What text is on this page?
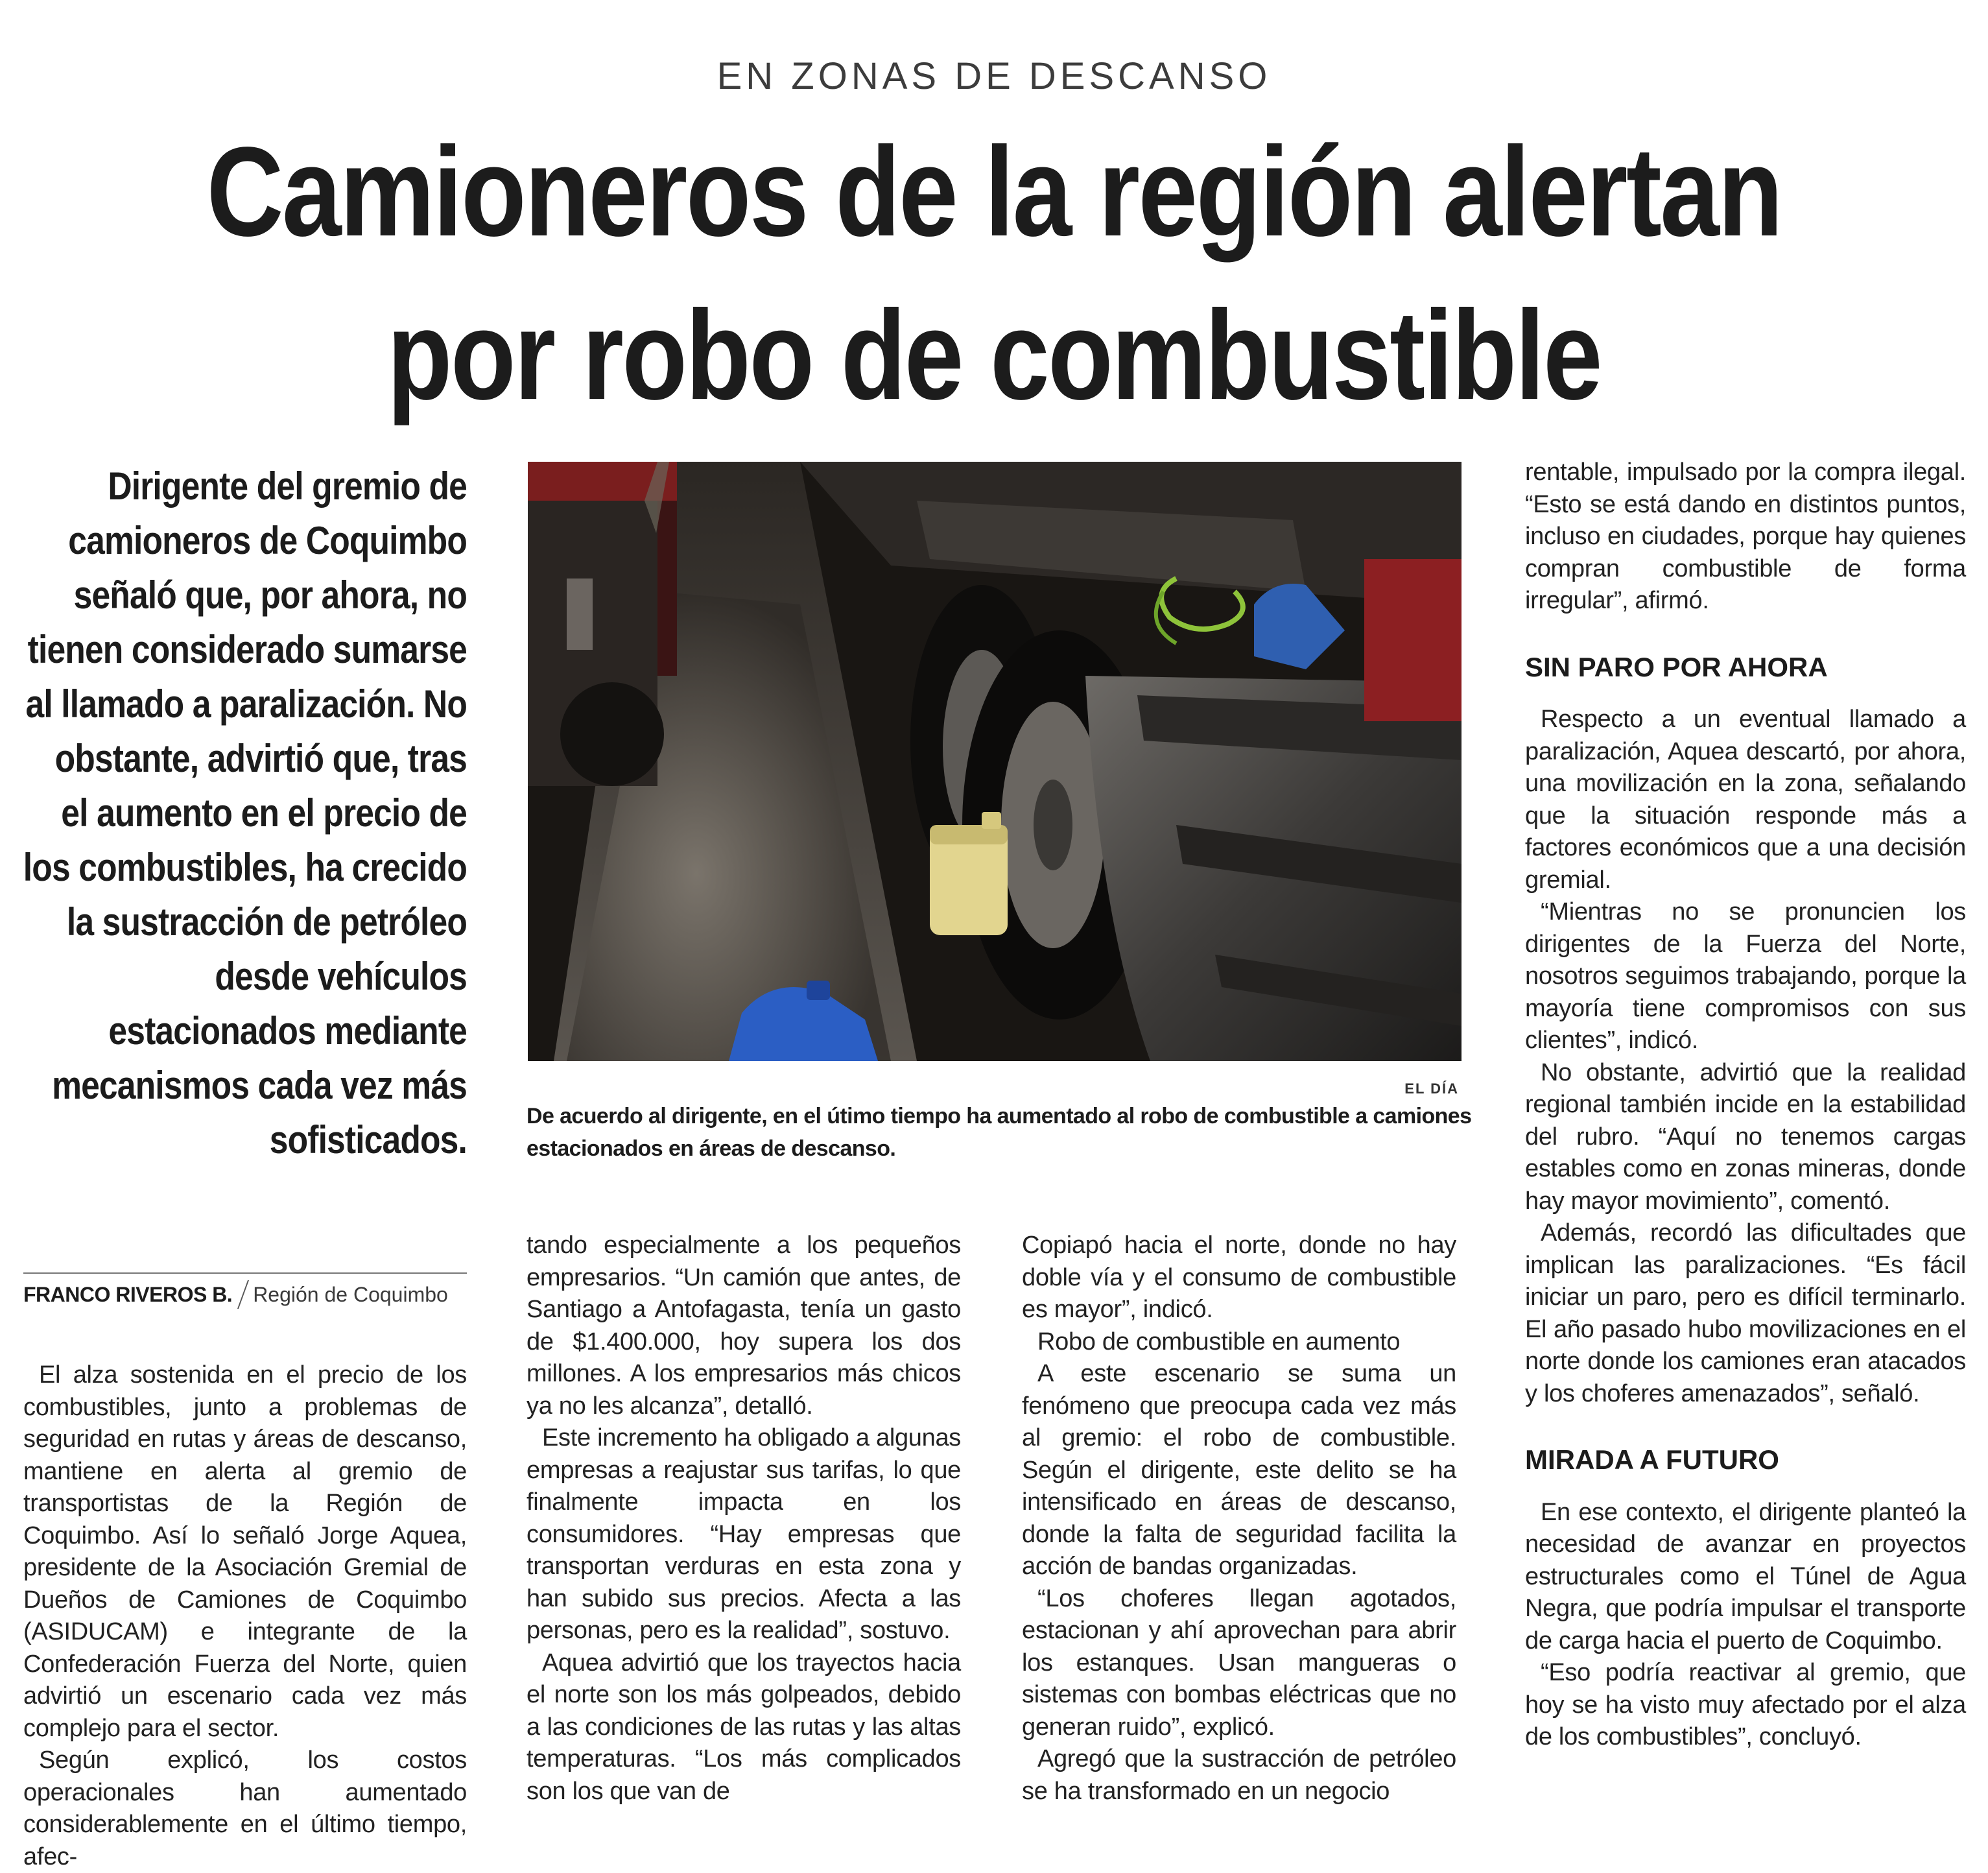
EN ZONAS DE DESCANSO
Camioneros de la región alertan
por robo de combustible
Dirigente del gremio de camioneros de Coquimbo señaló que, por ahora, no tienen considerado sumarse al llamado a paralización. No obstante, advirtió que, tras el aumento en el precio de los combustibles, ha crecido la sustracción de petróleo desde vehículos estacionados mediante mecanismos cada vez más sofisticados.
FRANCO RIVEROS B. Región de Coquimbo
EL DÍA
De acuerdo al dirigente, en el útimo tiempo ha aumentado al robo de combustible a camiones estacionados en áreas de descanso.

El alza sostenida en el precio de los combustibles, junto a problemas de seguridad en rutas y áreas de descanso, mantiene en alerta al gremio de transportistas de la Región de Coquimbo. Así lo señaló Jorge Aquea, presidente de la Asociación Gremial de Dueños de Camiones de Coquimbo (ASIDUCAM) e integrante de la Confederación Fuerza del Norte, quien advirtió un escenario cada vez más complejo para el sector.

Según explicó, los costos operacionales han aumentado considerablemente en el último tiempo, afec-

tando especialmente a los pequeños empresarios. “Un camión que antes, de Santiago a Antofagasta, tenía un gasto de $1.400.000, hoy supera los dos millones. A los empresarios más chicos ya no les alcanza”, detalló.

Este incremento ha obligado a algunas empresas a reajustar sus tarifas, lo que finalmente impacta en los consumidores. “Hay empresas que transportan verduras en esta zona y han subido sus precios. Afecta a las personas, pero es la realidad”, sostuvo.

Aquea advirtió que los trayectos hacia el norte son los más golpeados, debido a las condiciones de las rutas y las altas temperaturas. “Los más complicados son los que van de

Copiapó hacia el norte, donde no hay doble vía y el consumo de combustible es mayor”, indicó.

Robo de combustible en aumento

A este escenario se suma un fenómeno que preocupa cada vez más al gremio: el robo de combustible. Según el dirigente, este delito se ha intensificado en áreas de descanso, donde la falta de seguridad facilita la acción de bandas organizadas.

“Los choferes llegan agotados, estacionan y ahí aprovechan para abrir los estanques. Usan mangueras o sistemas con bombas eléctricas que no generan ruido”, explicó.

Agregó que la sustracción de petróleo se ha transformado en un negocio

rentable, impulsado por la compra ilegal. “Esto se está dando en distintos puntos, incluso en ciudades, porque hay quienes compran combustible de forma irregular”, afirmó.

SIN PARO POR AHORA

Respecto a un eventual llamado a paralización, Aquea descartó, por ahora, una movilización en la zona, señalando que la situación responde más a factores económicos que a una decisión gremial.

“Mientras no se pronuncien los dirigentes de la Fuerza del Norte, nosotros seguimos trabajando, porque la mayoría tiene compromisos con sus clientes”, indicó.

No obstante, advirtió que la realidad regional también incide en la estabilidad del rubro. “Aquí no tenemos cargas estables como en zonas mineras, donde hay mayor movimiento”, comentó.

Además, recordó las dificultades que implican las paralizaciones. “Es fácil iniciar un paro, pero es difícil terminarlo. El año pasado hubo movilizaciones en el norte donde los camiones eran atacados y los choferes amenazados”, señaló.

MIRADA A FUTURO

En ese contexto, el dirigente planteó la necesidad de avanzar en proyectos estructurales como el Túnel de Agua Negra, que podría impulsar el transporte de carga hacia el puerto de Coquimbo.

“Eso podría reactivar al gremio, que hoy se ha visto muy afectado por el alza de los combustibles”, concluyó.
